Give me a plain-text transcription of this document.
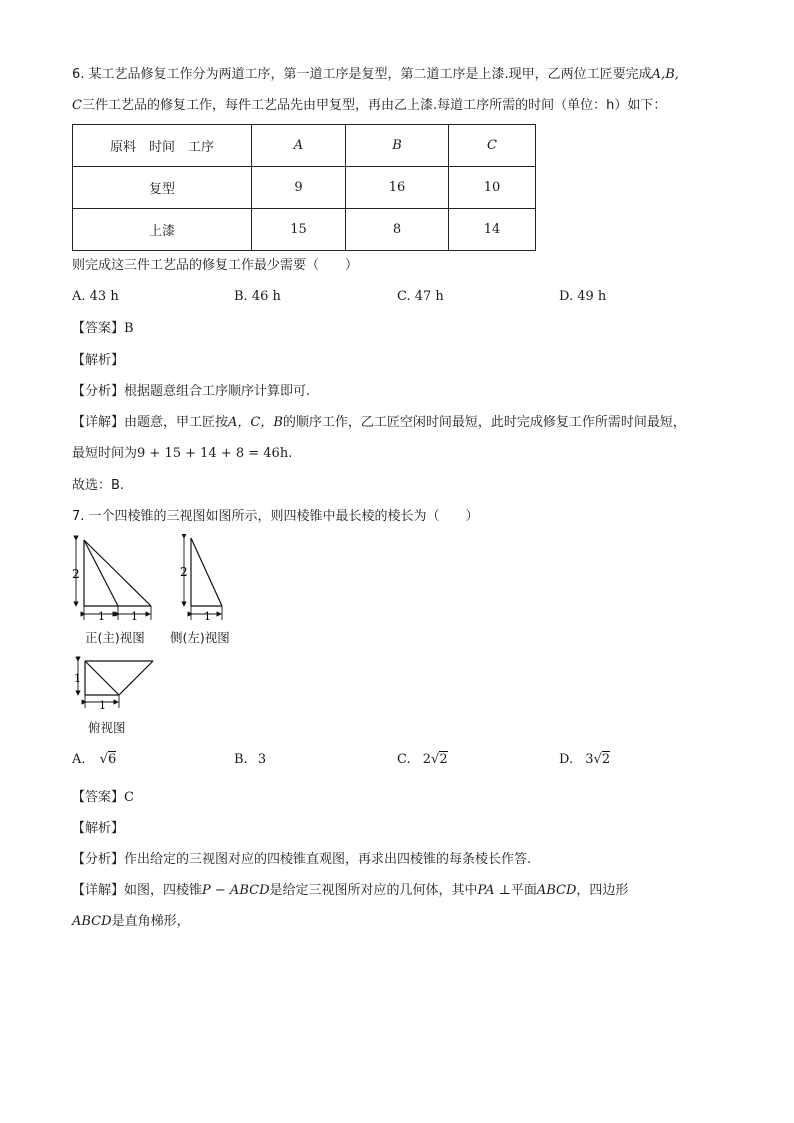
6. 某工艺品修复工作分为两道工序，第一道工序是复型，第二道工序是上漆.现甲，乙两位工匠要完成A,B,
C三件工艺品的修复工作，每件工艺品先由甲复型，再由乙上漆.每道工序所需的时间（单位：h）如下：
原料　时间　工序	A	B	C
复型	9	16	10
上漆	15	8	14
则完成这三件工艺品的修复工作最少需要（　　）
A. 43 h	B. 46 h	C. 47 h	D. 49 h
【答案】B
【解析】
【分析】根据题意组合工序顺序计算即可.
【详解】由题意，甲工匠按A，C，B的顺序工作，乙工匠空闲时间最短，此时完成修复工作所需时间最短，
最短时间为9 + 15 + 14 + 8 = 46h.
故选：B.
7. 一个四棱锥的三视图如图所示，则四棱锥中最长棱的棱长为（　　）
2
1 1
2
1
1
1
正(主)视图 侧(左)视图
俯视图
A. √6	B. 3	C. 2√2	D. 3√2
【答案】C
【解析】
【分析】作出给定的三视图对应的四棱锥直观图，再求出四棱锥的每条棱长作答.
【详解】如图，四棱锥P − ABCD是给定三视图所对应的几何体，其中PA ⊥平面ABCD，四边形
ABCD是直角梯形，
